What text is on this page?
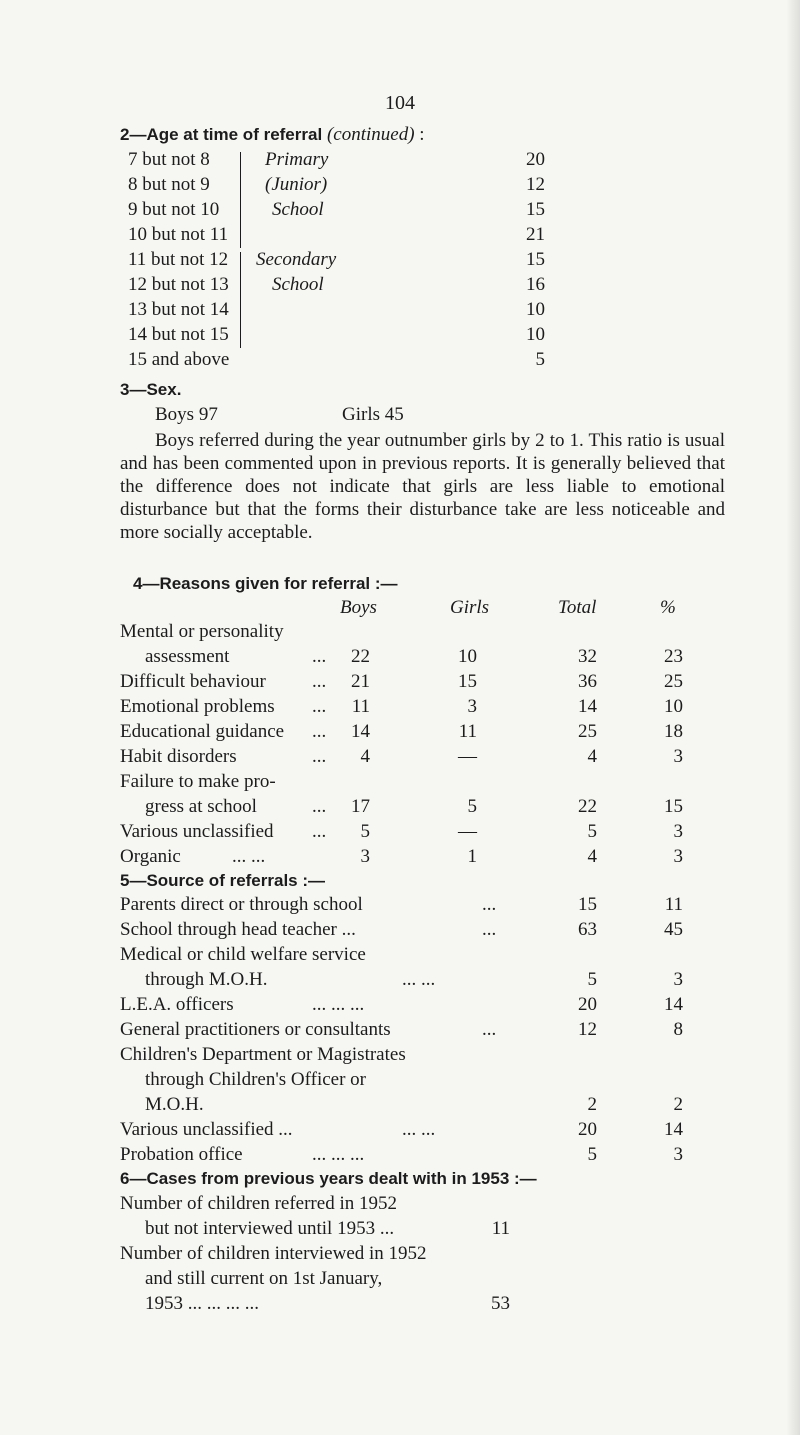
104
2—Age at time of referral (continued) :
7 but not 8	20
8 but not 9	12
9 but not 10	15
10 but not 11	21
11 but not 12	15
12 but not 13	16
13 but not 14	10
14 but not 15	10
15 and above	5
Primary
(Junior)
School
Secondary
School
3—Sex.
Boys 97	Girls 45
Boys referred during the year outnumber girls by 2 to 1. This ratio is usual and has been commented upon in previous reports. It is generally believed that the difference does not indicate that girls are less liable to emotional disturbance but that the forms their disturbance take are less noticeable and more socially acceptable.
4—Reasons given for referral :—
Boys	Girls	Total	%
Mental or personality
assessment	...	22	10	32	23
Difficult behaviour ...	21	15	36	25
Emotional problems ...	11	3	14	10
Educational guidance ...	14	11	25	18
Habit disorders	...	4	—	4	3
Failure to make pro-
gress at school	...	17	5	22	15
Various unclassified ...	5	—	5	3
Organic	... ...	3	1	4	3
5—Source of referrals :—
Parents direct or through school	...	15	11
School through head teacher ...	...	63	45
Medical or child welfare service
through M.O.H.	... ...	5	3
L.E.A. officers	... ... ...	20	14
General practitioners or consultants	...	12	8
Children's Department or Magistrates
through Children's Officer or
M.O.H.	2	2
Various unclassified ...	... ...	20	14
Probation office	... ... ...	5	3
6—Cases from previous years dealt with in 1953 :—
Number of children referred in 1952
but not interviewed until 1953 ...	11
Number of children interviewed in 1952
and still current on 1st January,
1953 ... ... ... ...	53
